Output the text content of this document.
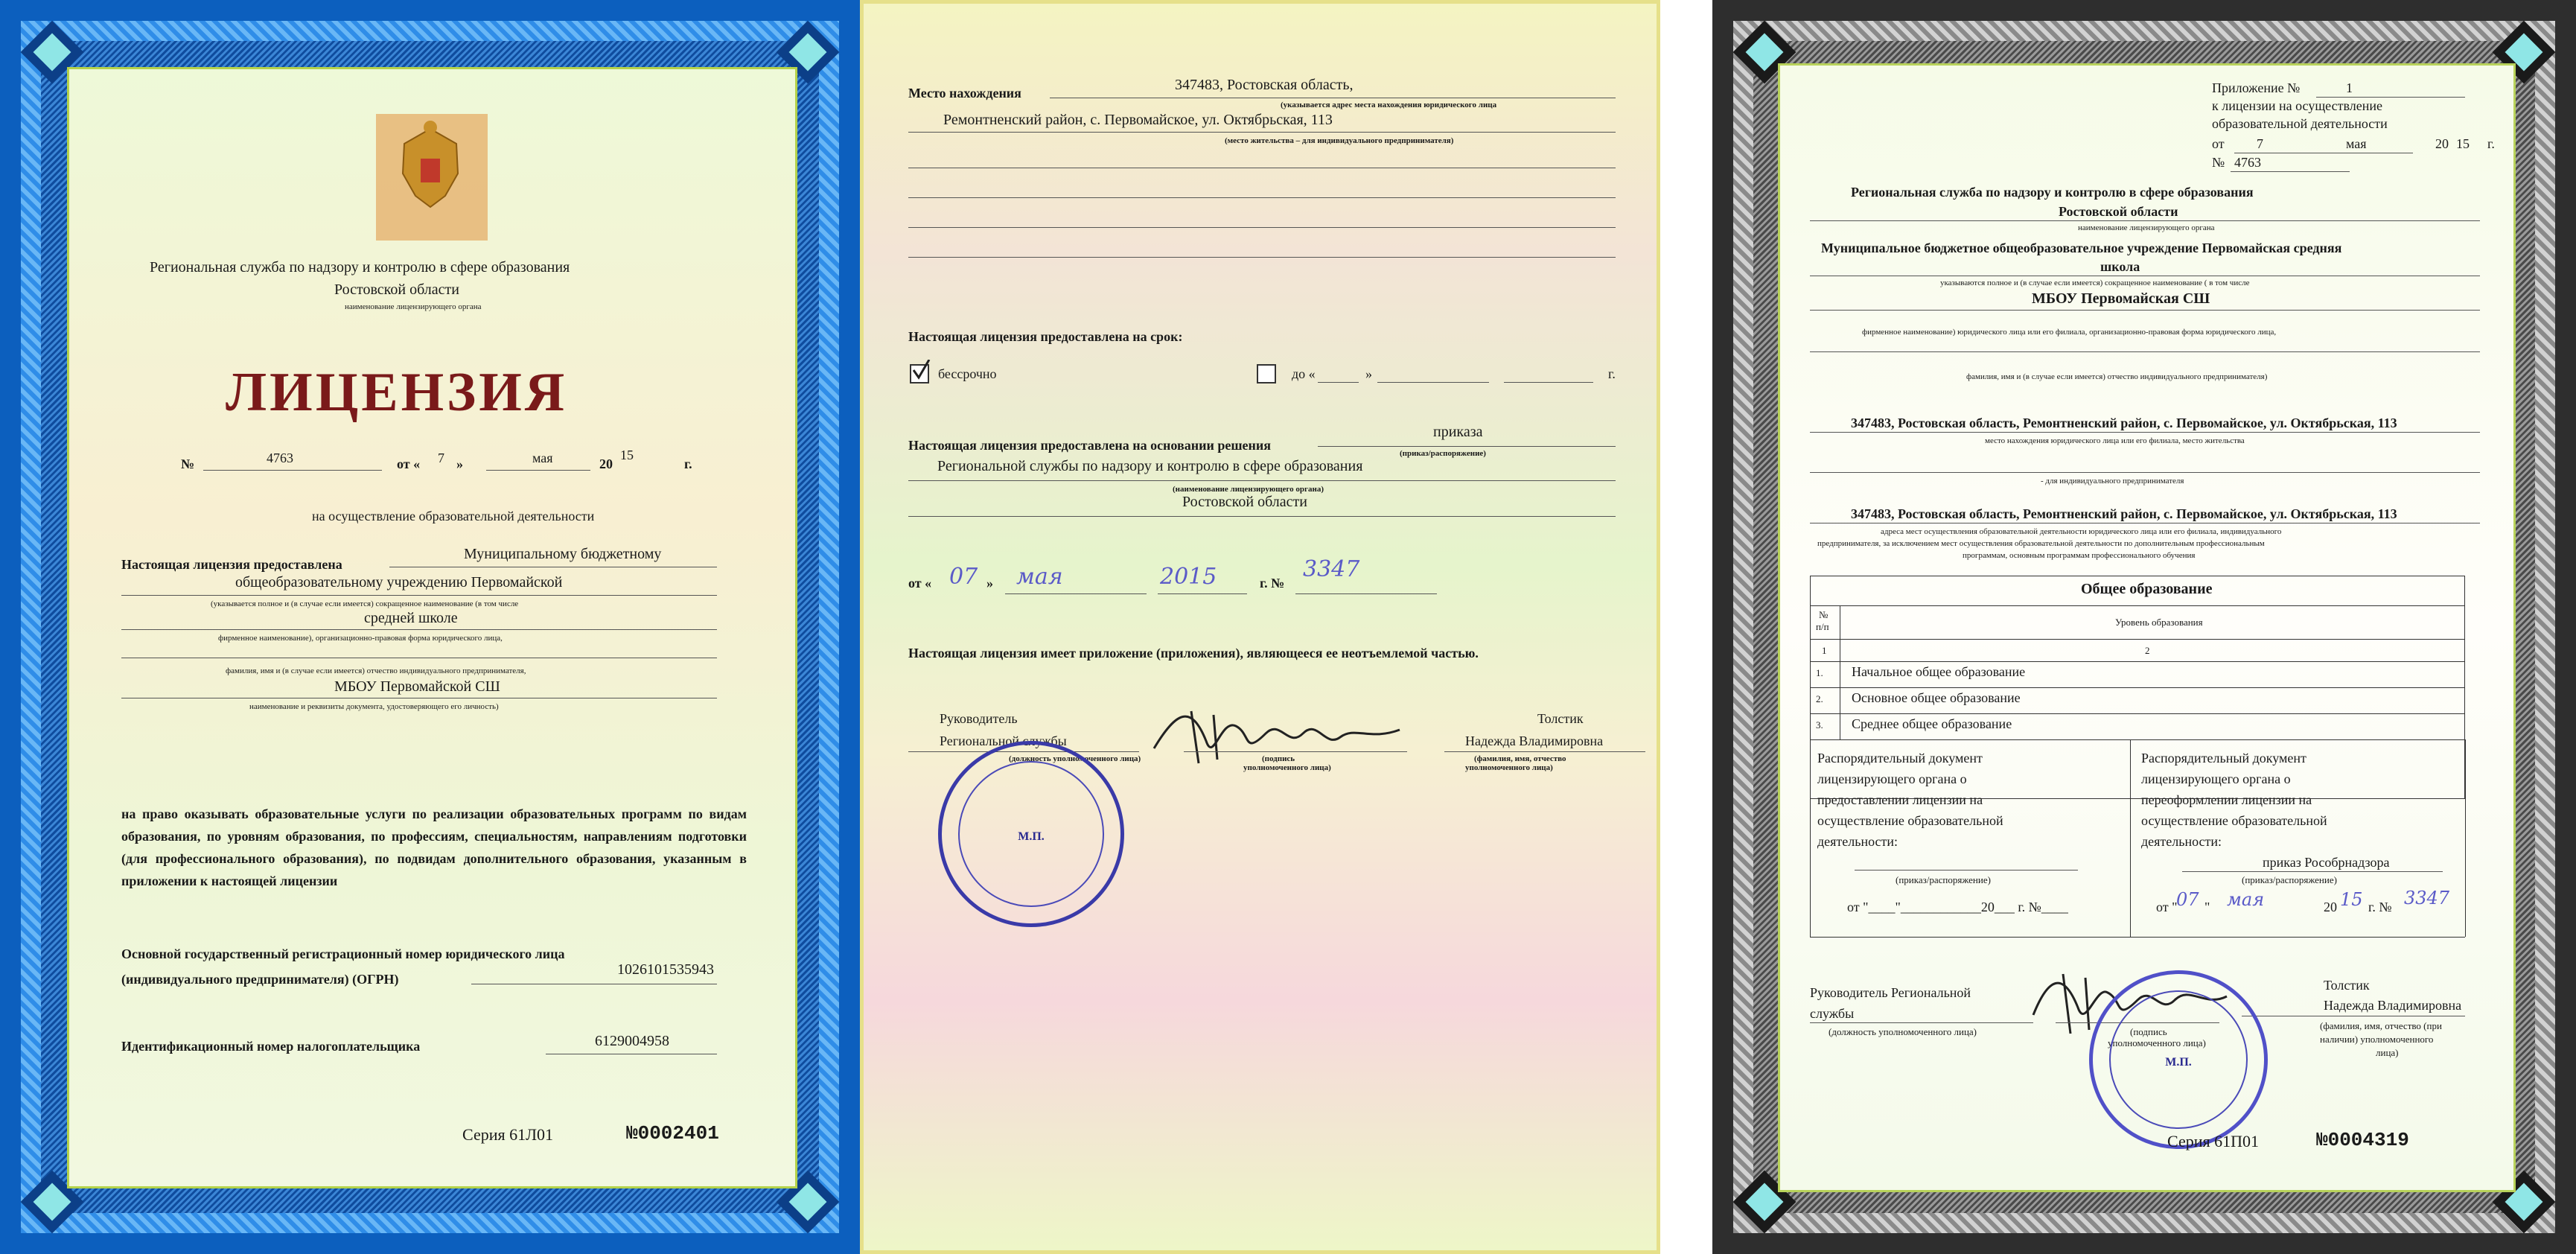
Региональная служба по надзору и контролю в сфере образования
Ростовской области
наименование лицензирующего органа
ЛИЦЕНЗИЯ
№	4763	от « 7 »	мая	20
15
г.
на осуществление образовательной деятельности
Настоящая лицензия предоставлена
Муниципальному бюджетному
общеобразовательному учреждению Первомайской
(указывается полное и (в случае если имеется) сокращенное наименование (в том числе
средней школе
фирменное наименование), организационно-правовая форма юридического лица,
фамилия, имя и (в случае если имеется) отчество индивидуального предпринимателя,
МБОУ Первомайской СШ
наименование и реквизиты документа, удостоверяющего его личность)
на право оказывать образовательные услуги по реализации образовательных программ по видам образования, по уровням образования, по профессиям, специальностям, направлениям подготовки (для профессионального образования), по подвидам дополнительного образования, указанным в приложении к настоящей лицензии
Основной государственный регистрационный номер юридического лица
(индивидуального предпринимателя) (ОГРН)
1026101535943
Идентификационный номер налогоплательщика	6129004958
Серия 61Л01	№0002401
Место нахождения	347483, Ростовская область,
(указывается адрес места нахождения юридического лица
Ремонтненский район, с. Первомайское, ул. Октябрьская, 113
(место жительства – для индивидуального предпринимателя)
Настоящая лицензия предоставлена на срок:
бессрочно	до «	»	г.
Настоящая лицензия предоставлена на основании решения
приказа
(приказ/распоряжение)
Региональной службы по надзору и контролю в сфере образования
(наименование лицензирующего органа)
Ростовской области
от « 07 » мая	2015	г. №
3347
Настоящая лицензия имеет приложение (приложения), являющееся ее неотъемлемой частью.
Руководитель
Региональной службы
(должность уполномоченного лица)	(подпись
уполномоченного лица)
Толстик
Надежда Владимировна
(фамилия, имя, отчество
уполномоченного лица)
М.П.
Приложение №	1
к лицензии на осуществление
образовательной деятельности
от 7	мая	20 15 г.
№ 4763
Региональная служба по надзору и контролю в сфере образования
Ростовской области
наименование лицензирующего органа
Муниципальное бюджетное общеобразовательное учреждение Первомайская средняя
школа
указываются полное и (в случае если имеется) сокращенное наименование ( в том числе
МБОУ Первомайская СШ
фирменное наименование) юридического лица или его филиала, организационно-правовая форма юридического лица,
фамилия, имя и (в случае если имеется) отчество индивидуального предпринимателя)
347483, Ростовская область, Ремонтненский район, с. Первомайское, ул. Октябрьская, 113
место нахождения юридического лица или его филиала, место жительства
- для индивидуального предпринимателя
347483, Ростовская область, Ремонтненский район, с. Первомайское, ул. Октябрьская, 113
адреса мест осуществления образовательной деятельности юридического лица или его филиала, индивидуального
предпринимателя, за исключением мест осуществления образовательной деятельности по дополнительным профессиональным
программам, основным программам профессионального обучения
Общее образование
№
п/п	Уровень образования
1	2
1. Начальное общее образование
2. Основное общее образование
3. Среднее общее образование
Распорядительный документ
лицензирующего органа о
предоставлении лицензии на
осуществление образовательной
деятельности:
(приказ/распоряжение)
от "____"____________20___ г. №____
Распорядительный документ
лицензирующего органа о
переоформлении лицензии на
осуществление образовательной
деятельности:
приказ Рособрнадзора
(приказ/распоряжение)
от "
07 " мая	20 15 г. № 3347
Руководитель Региональной
службы
(должность уполномоченного лица)	(подпись
уполномоченного лица)
Толстик
Надежда Владимировна
(фамилия, имя, отчество (при
наличии) уполномоченного
лица)
М.П.
Серия 61П01	№0004319
